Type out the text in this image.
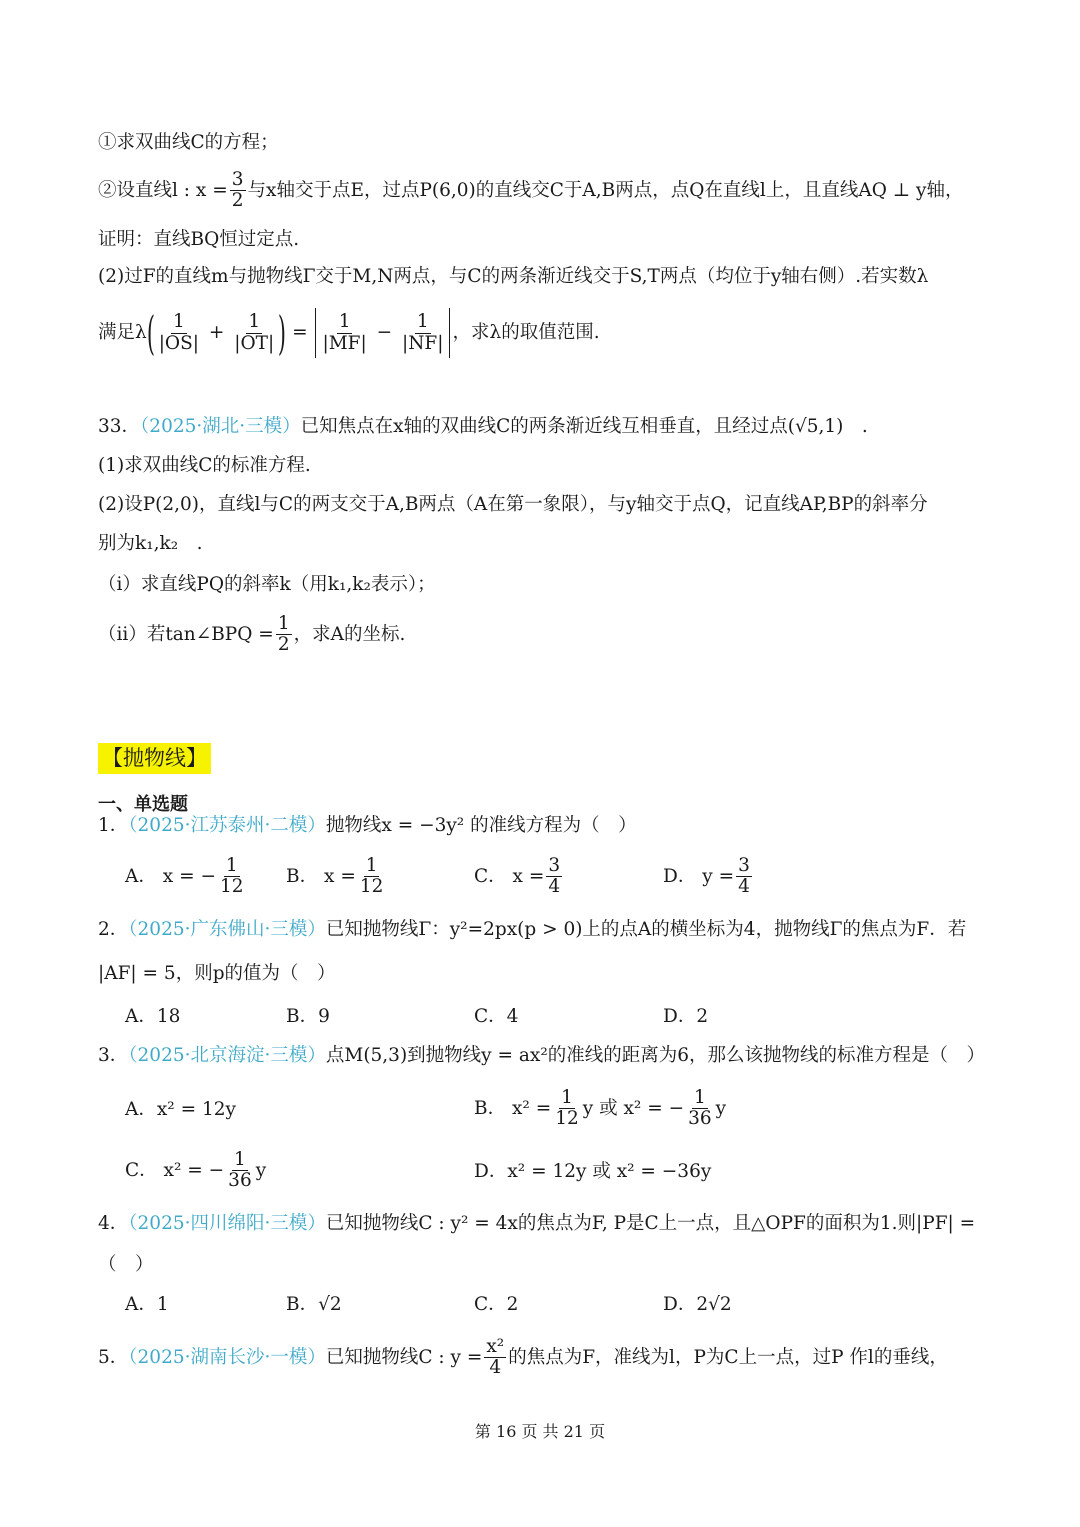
①求双曲线C的方程；
②设直线l : $x = \frac{3}{2}$ 与x轴交于点E，过点P(6,0)的直线交C于A,B两点，点Q在直线l上，且直线AQ ⊥ y轴，
证明：直线BQ恒过定点.
(2)过F的直线m与抛物线Γ交于M,N两点，与C的两条渐近线交于S,T两点（均位于y轴右侧）.若实数λ
满足$\lambda( \frac{1}{|OS|} + \frac{1}{|OT|}$ ) = $\frac{1}{|MF|} - \frac{1}{|NF|}$ ，求λ的取值范围.
33．（2025·湖北·三模）已知焦点在x轴的双曲线C的两条渐近线互相垂直，且经过点(√5,1)　.
(1)求双曲线C的标准方程.
(2)设P(2,0)，直线l与C的两支交于A,B两点（A在第一象限），与y轴交于点Q，记直线AP,BP的斜率分
别为k₁,k₂　.
（i）求直线PQ的斜率k（用k₁,k₂表示）；
（ii）若tan∠BPQ = $\frac{1}{2}$ ，求A的坐标.
【抛物线】
一、单选题
1．（2025·江苏泰州·二模）抛物线x = −3y² 的准线方程为（　）
A． x = − $\frac{1}{12}$ B． $x = \frac{1}{12}$	C． $x = \frac{3}{4}$	D． $y = \frac{3}{4}$
2．（2025·广东佛山·三模）已知抛物线Γ：y²=2px(p > 0)上的点A的横坐标为4，抛物线Γ的焦点为F．若
|AF| = 5，则p的值为（　）
A．18	B．9	C．4	D．2
3．（2025·北京海淀·三模）点M(5,3)到抛物线y = ax²的准线的距离为6，那么该抛物线的标准方程是（　）
A．x² = 12y	B． $x^2 = \frac{1}{12}$ y 或 x² = − $\frac{1}{36}$ y
C． x² = − $\frac{1}{36}$ y	D．x² = 12y 或 x² = −36y
4．（2025·四川绵阳·三模）已知抛物线C : y² = 4x的焦点为F, P是C上一点，且△OPF的面积为1.则|PF| =
（　）
A．1	B．√2	C．2	D．2√2
5．（2025·湖南长沙·一模）已知抛物线C : $y = \frac{\text{x²}}{4}$ 的焦点为F，准线为l，P为C上一点，过P 作l的垂线，
第 16 页 共 21 页
